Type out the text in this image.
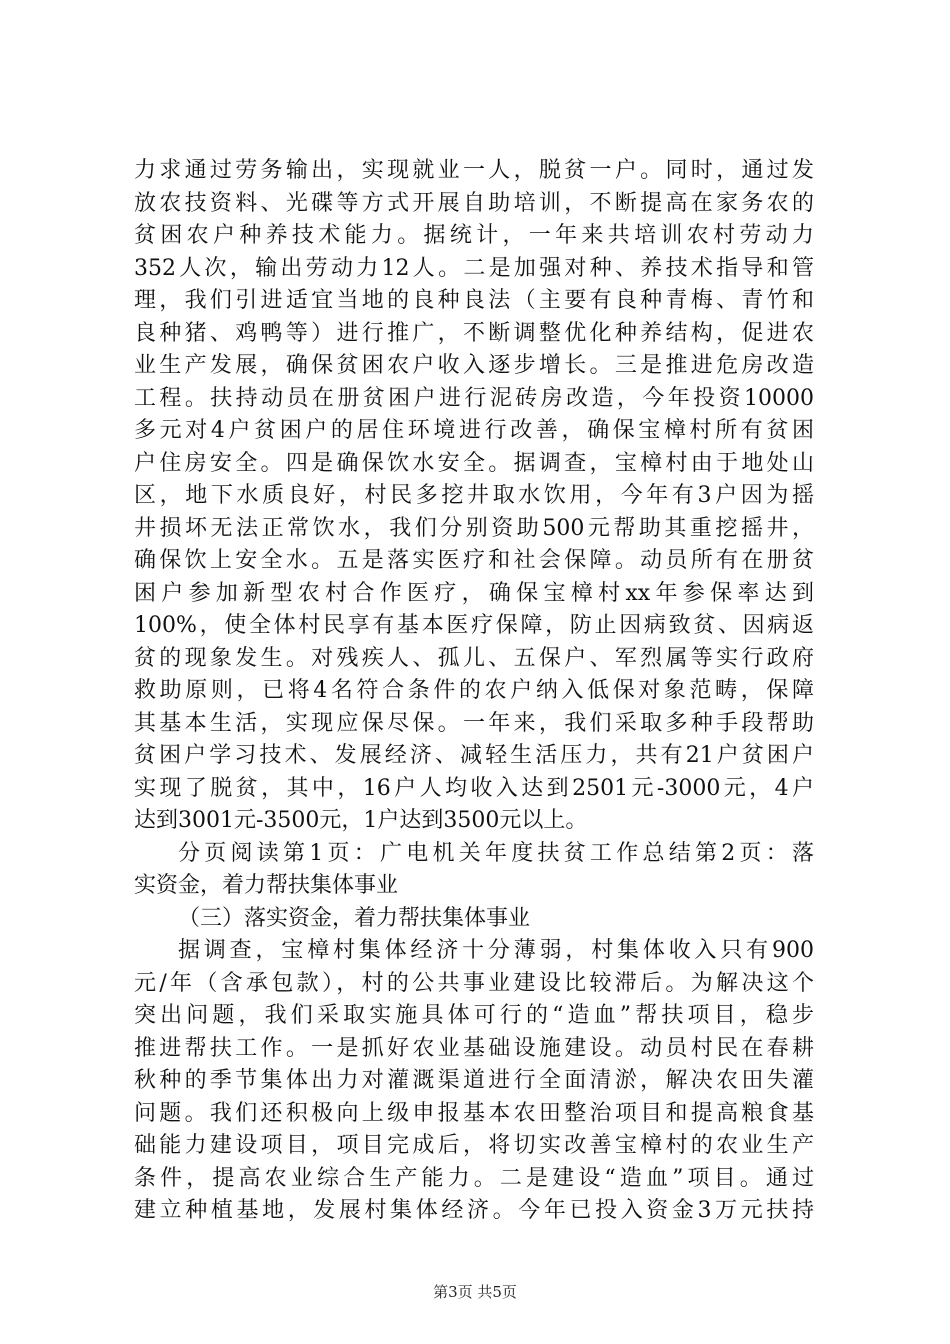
力求通过劳务输出，实现就业一人，脱贫一户。同时，通过发
放农技资料、光碟等方式开展自助培训，不断提高在家务农的
贫困农户种养技术能力。据统计，一年来共培训农村劳动力
352人次，输出劳动力12人。二是加强对种、养技术指导和管
理，我们引进适宜当地的良种良法（主要有良种青梅、青竹和
良种猪、鸡鸭等）进行推广，不断调整优化种养结构，促进农
业生产发展，确保贫困农户收入逐步增长。三是推进危房改造
工程。扶持动员在册贫困户进行泥砖房改造，今年投资10000
多元对4户贫困户的居住环境进行改善，确保宝樟村所有贫困
户住房安全。四是确保饮水安全。据调查，宝樟村由于地处山
区，地下水质良好，村民多挖井取水饮用，今年有3户因为摇
井损坏无法正常饮水，我们分别资助500元帮助其重挖摇井，
确保饮上安全水。五是落实医疗和社会保障。动员所有在册贫
困户参加新型农村合作医疗，确保宝樟村xx年参保率达到
100%，使全体村民享有基本医疗保障，防止因病致贫、因病返
贫的现象发生。对残疾人、孤儿、五保户、军烈属等实行政府
救助原则，已将4名符合条件的农户纳入低保对象范畴，保障
其基本生活，实现应保尽保。一年来，我们采取多种手段帮助
贫困户学习技术、发展经济、减轻生活压力，共有21户贫困户
实现了脱贫，其中，16户人均收入达到2501元-3000元，4户
达到3001元-3500元，1户达到3500元以上。
分页阅读第1页：广电机关年度扶贫工作总结第2页：落
实资金，着力帮扶集体事业
（三）落实资金，着力帮扶集体事业
据调查，宝樟村集体经济十分薄弱，村集体收入只有900
元/年（含承包款），村的公共事业建设比较滞后。为解决这个
突出问题，我们采取实施具体可行的“造血”帮扶项目，稳步
推进帮扶工作。一是抓好农业基础设施建设。动员村民在春耕
秋种的季节集体出力对灌溉渠道进行全面清淤，解决农田失灌
问题。我们还积极向上级申报基本农田整治项目和提高粮食基
础能力建设项目，项目完成后，将切实改善宝樟村的农业生产
条件，提高农业综合生产能力。二是建设“造血”项目。通过
建立种植基地，发展村集体经济。今年已投入资金3万元扶持
第3页 共5页
